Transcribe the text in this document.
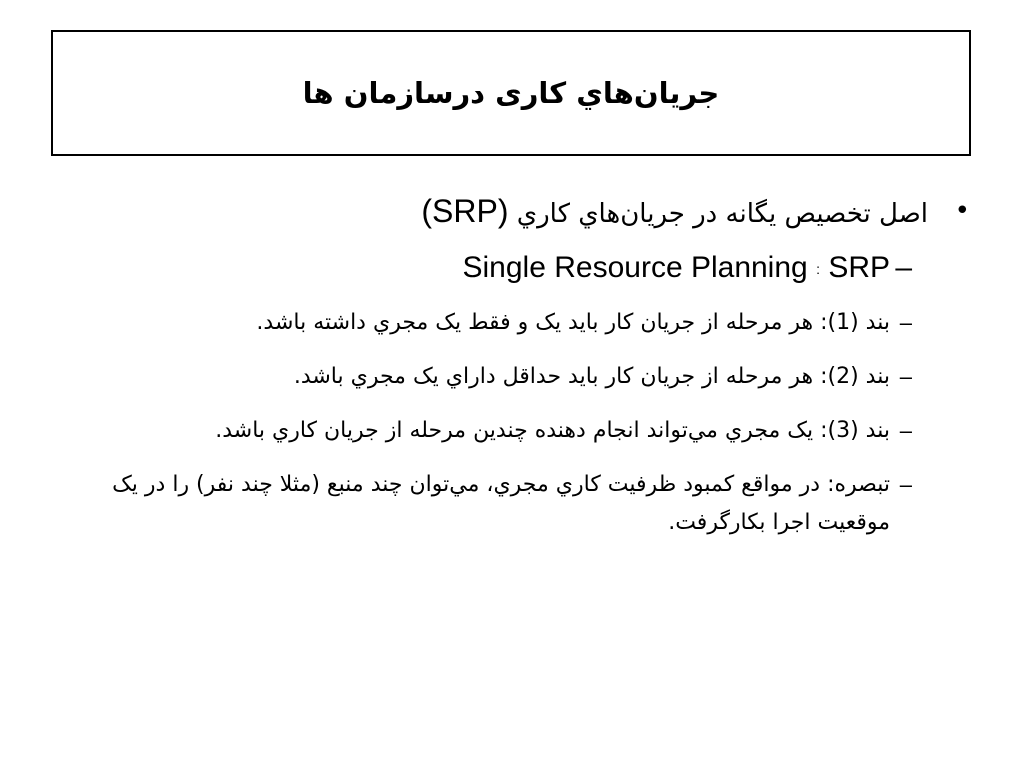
جريان‌هاي كاری درسازمان ها
•
اصل تخصيص يگانه در جريان‌هاي كاري (SRP)
–
Single Resource Planning : SRP
–
بند (1): هر مرحله از جريان كار بايد يک و فقط يک مجري داشته باشد.
–
بند (2): هر مرحله از جريان كار بايد حداقل داراي يک مجري باشد.
–
بند (3): يک مجري مي‌تواند انجام دهنده چندين مرحله از جريان كاري باشد.
–
تبصره: در مواقع كمبود ظرفيت كاري مجري، مي‌توان چند منبع (مثلا چند نفر) را در يک موقعيت اجرا بكارگرفت.
